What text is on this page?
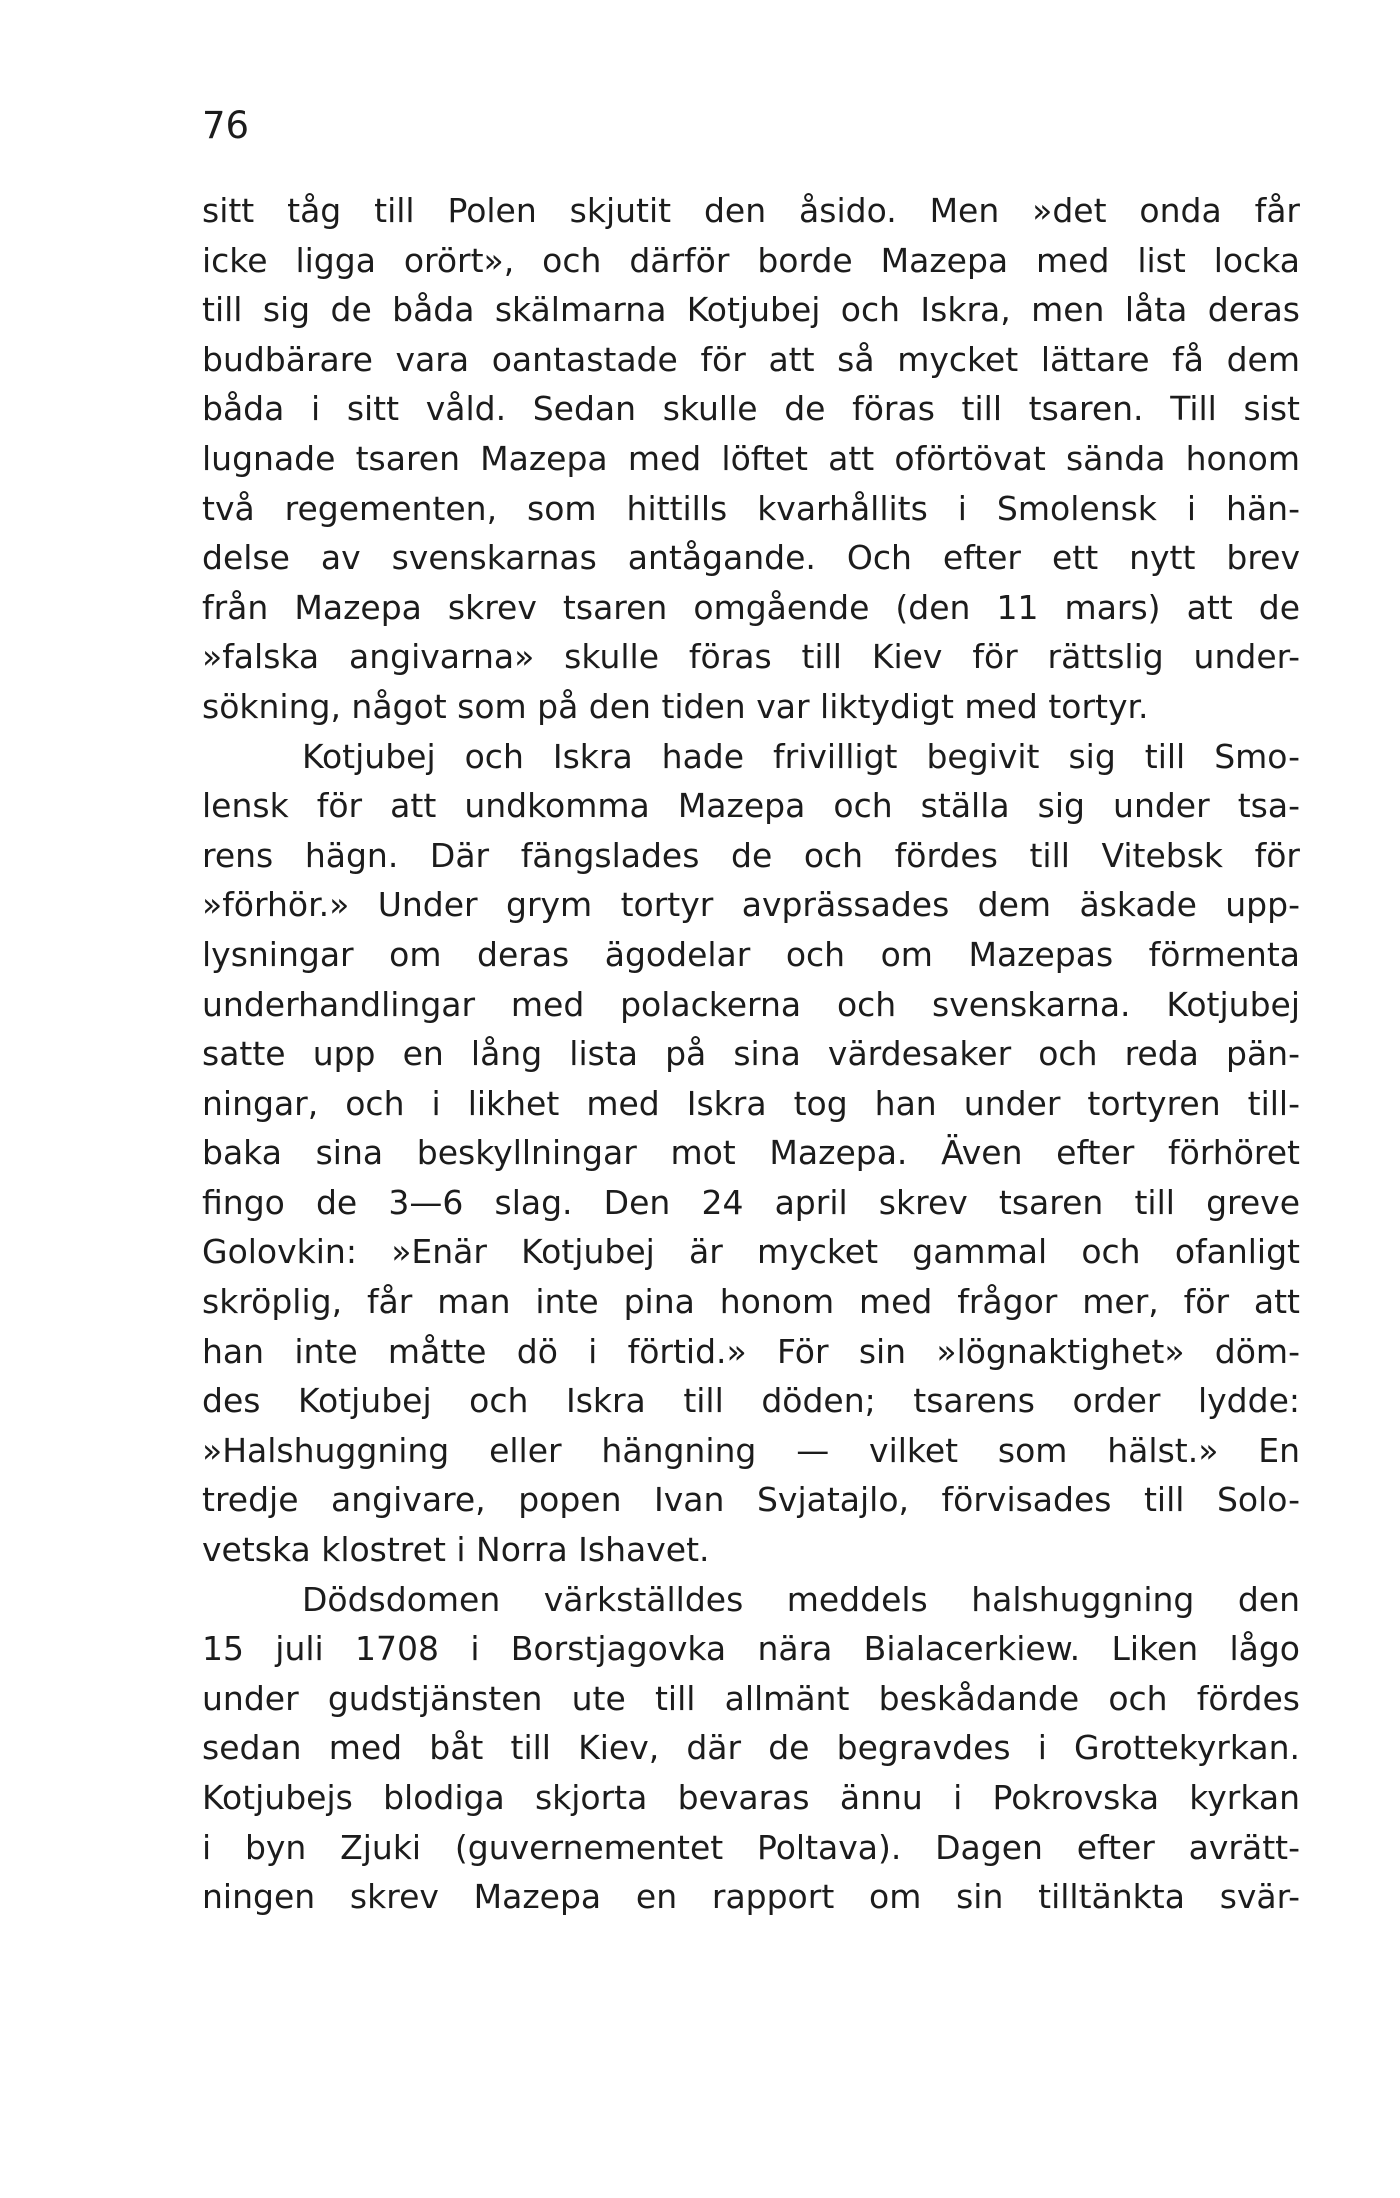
76
sitt tåg till Polen skjutit den åsido. Men »det onda får
icke ligga orört», och därför borde Mazepa med list locka
till sig de båda skälmarna Kotjubej och Iskra, men låta deras
budbärare vara oantastade för att så mycket lättare få dem
båda i sitt våld. Sedan skulle de föras till tsaren. Till sist
lugnade tsaren Mazepa med löftet att oförtövat sända honom
två regementen, som hittills kvarhållits i Smolensk i hän-
delse av svenskarnas antågande. Och efter ett nytt brev
från Mazepa skrev tsaren omgående (den 11 mars) att de
»falska angivarna» skulle föras till Kiev för rättslig under-
sökning, något som på den tiden var liktydigt med tortyr.
Kotjubej och Iskra hade frivilligt begivit sig till Smo-
lensk för att undkomma Mazepa och ställa sig under tsa-
rens hägn. Där fängslades de och fördes till Vitebsk för
»förhör.» Under grym tortyr avprässades dem äskade upp-
lysningar om deras ägodelar och om Mazepas förmenta
underhandlingar med polackerna och svenskarna. Kotjubej
satte upp en lång lista på sina värdesaker och reda pän-
ningar, och i likhet med Iskra tog han under tortyren till-
baka sina beskyllningar mot Mazepa. Även efter förhöret
fingo de 3—6 slag. Den 24 april skrev tsaren till greve
Golovkin: »Enär Kotjubej är mycket gammal och ofanligt
skröplig, får man inte pina honom med frågor mer, för att
han inte måtte dö i förtid.» För sin »lögnaktighet» döm-
des Kotjubej och Iskra till döden; tsarens order lydde:
»Halshuggning eller hängning — vilket som hälst.» En
tredje angivare, popen Ivan Svjatajlo, förvisades till Solo-
vetska klostret i Norra Ishavet.
Dödsdomen värkställdes meddels halshuggning den
15 juli 1708 i Borstjagovka nära Bialacerkiew. Liken lågo
under gudstjänsten ute till allmänt beskådande och fördes
sedan med båt till Kiev, där de begravdes i Grottekyrkan.
Kotjubejs blodiga skjorta bevaras ännu i Pokrovska kyrkan
i byn Zjuki (guvernementet Poltava). Dagen efter avrätt-
ningen skrev Mazepa en rapport om sin tilltänkta svär-
